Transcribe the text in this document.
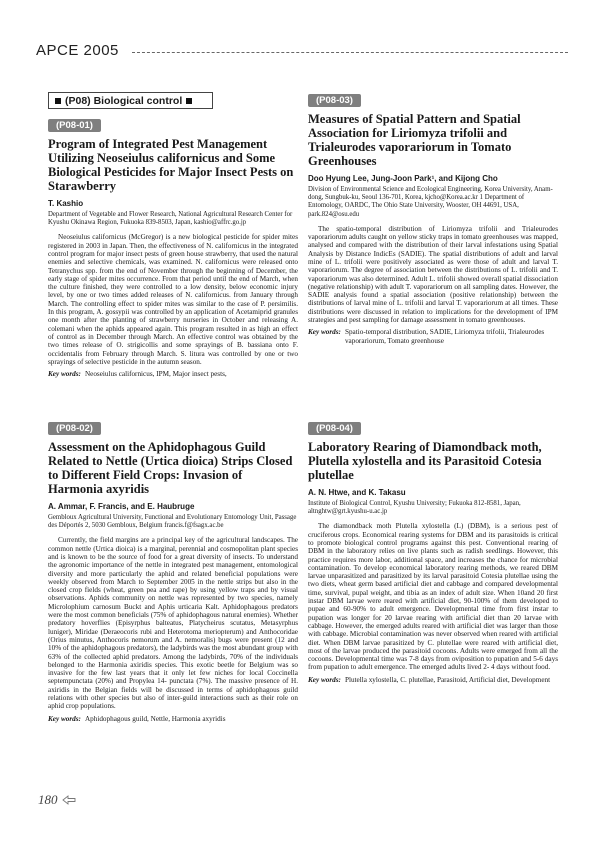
APCE 2005
(P08) Biological control
(P08-01)
Program of Integrated Pest Management Utilizing Neoseiulus californicus and Some Biological Pesticides for Major Insect Pests on Starawberry
T. Kashio
Department of Vegetable and Flower Research, National Agricultural Research Center for Kyushu Okinawa Region, Fukuoka 839-8503, Japan, kashio@affrc.go.jp

Neoseiulus californicus (McGregor) is a new biological pesticide for spider mites registered in 2003 in Japan. Then, the effectiveness of N. californicus in the integrated control program for major insect pests of green house strawberry, that used the natural enemies and selective chemicals, was examined. N. californicus were released onto Tetranychus spp. from the end of November through the beginning of December, the early stage of spider mites occurrence. From that period until the end of March, when the culture finished, they were controlled to a low density, below economic injury level, by one or two times added releases of N. californicus. from January through March. The controlling effect to spider mites was similar to the case of P. persimilis. In this program, A. gossypii was controlled by an application of Acetamiprid granules one month after the planting of strawberry nurseries in October and releasing A. colemani when the aphids appeared again. This program resulted in as high an effect of control as in December through March. An effective control was obtained by the two times release of O. strigicollis and some sprayings of B. bassiana onto F. occidentalis from February through March. S. litura was controlled by one or two sprayings of selective pesticide in the autumn season.

Key words: Neoseiulus californicus, IPM, Major insect pests,
(P08-02)
Assessment on the Aphidophagous Guild Related to Nettle (Urtica dioica) Strips Closed to Different Field Crops: Invasion of Harmonia axyridis
A. Ammar, F. Francis, and E. Haubruge
Gembloux Agricultural University, Functional and Evolutionary Entomology Unit, Passage des Déportés 2, 5030 Gembloux, Belgium francis.f@fsagx.ac.be

Currently, the field margins are a principal key of the agricultural landscapes. The common nettle (Urtica dioica) is a marginal, perennial and cosmopolitan plant species and is known to be the source of food for a great diversity of insects. To understand the agronomic importance of the nettle in integrated pest management, entomological diversity and more particularly the aphid and related beneficial populations were weekly observed from March to September 2005 in the nettle strips but also in the closed crop fields (wheat, green pea and rape) by using yellow traps and by visual observations. Aphids community on nettle was represented by two species, namely Microlophium carnosum Buckt and Aphis urticaria Kalt. Aphidophagous predators were the most common beneficials (75% of aphidophagous natural enemies). Whether predatory hoverflies (Episyrphus balteatus, Platycheirus scutatus, Metasyrphus luniger), Miridae (Deraeocoris rubi and Heterotoma meriopterum) and Anthocoridae (Orius minutus, Anthocoris nemorum and A. nemoralis) bugs were present (12 and 10% of the aphidophagous predators), the ladybirds was the most abundant group with 63% of the collected aphid predators. Among the ladybirds, 70% of the individuals belonged to the Harmonia axiridis species. This exotic beetle for Belgium was so invasive for the few last years that it only let few niches for local Coccinella septempunctata (20%) and Propylea 14- punctata (7%). The massive presence of H. axiridis in the Belgian fields will be discussed in terms of aphidophagous guild relations with other species but also of inter-guild interactions such as their role on aphid crop populations.

Key words: Aphidophagous guild, Nettle, Harmonia axyridis
(P08-03)
Measures of Spatial Pattern and Spatial Association for Liriomyza trifolii and Trialeurodes vaporariorum in Tomato Greenhouses
Doo Hyung Lee, Jung-Joon Park¹, and Kijong Cho
Division of Environmental Science and Ecological Engineering, Korea University, Anam-dong, Sungbuk-ku, Seoul 136-701, Korea, kjcho@Korea.ac.kr 1 Department of Entomology, OARDC, The Ohio State University, Wooster, OH 44691, USA, park.824@osu.edu

The spatio-temporal distribution of Liriomyza trifolii and Trialeurodes vaporariorum adults caught on yellow sticky traps in tomato greenhouses was mapped, analysed and compared with the distribution of their larval infestations using Spatial Analysis by Distance IndicEs (SADIE). The spatial distributions of adult and larval mine of L. trifolii were positively associated as were those of adult and larval T. vaporariorum. The degree of association between the distributions of L. trifolii and T. vaporariorum was also determined. Adult L. trifolii showed overall spatial dissociation (negative relationship) with adult T. vaporariorum on all sampling dates. However, the SADIE analysis found a spatial association (positive relationship) between the distributions of larval mine of L. trifolii and larval T. vaporariorum at all times. These distributions were discussed in relation to implications for the development of IPM strategies and pest sampling for damage assessment in tomato greenhouses.

Key words: Spatio-temporal distribution, SADIE, Liriomyza trifolii, Trialeurodes vaporariorum, Tomato greenhouse
(P08-04)
Laboratory Rearing of Diamondback moth, Plutella xylostella and its Parasitoid Cotesia plutellae
A. N. Htwe, and K. Takasu
Institute of Biological Control, Kyushu University; Fukuoka 812-8581, Japan, altnghtw@grt.kyushu-u.ac.jp

The diamondback moth Plutella xylostella (L) (DBM), is a serious pest of cruciferous crops. Economical rearing systems for DBM and its parasitoids is critical to promote biological control programs against this pest. Conventional rearing of DBM in the laboratory relies on live plants such as radish seedlings. However, this practice requires more labor, additional space, and increases the chance for microbial contamination. To develop economical laboratory rearing methods, we reared DBM larvae unparasitized and parasitized by its larval parasitoid Cotesia plutellae using the two diets, wheat germ based artificial diet and cabbage and compared developmental time, survival, pupal weight, and tibia as an index of adult size. When 10and 20 first instar DBM larvae were reared with artificial diet, 90-100% of them developed to pupae and 60-90% to adult emergence. Developmental time from first instar to pupation was longer for 20 larvae rearing with artificial diet than 20 larvae with cabbage. However, the emerged adults reared with artificial diet was larger than those with cabbage. Microbial contamination was never observed when reared with artificial diet. When DBM larvae parasitized by C. plutellae were reared with artificial diet, most of the larvae produced the parasitoid cocoons. Adults were emerged from all the cocoons. Developmental time was 7-8 days from oviposition to pupation and 5-6 days from pupation to adult emergence. The emerged adults lived 2- 4 days without food.

Key words: Plutella xylostella, C. plutellae, Parasitoid, Artificial diet, Development
180
